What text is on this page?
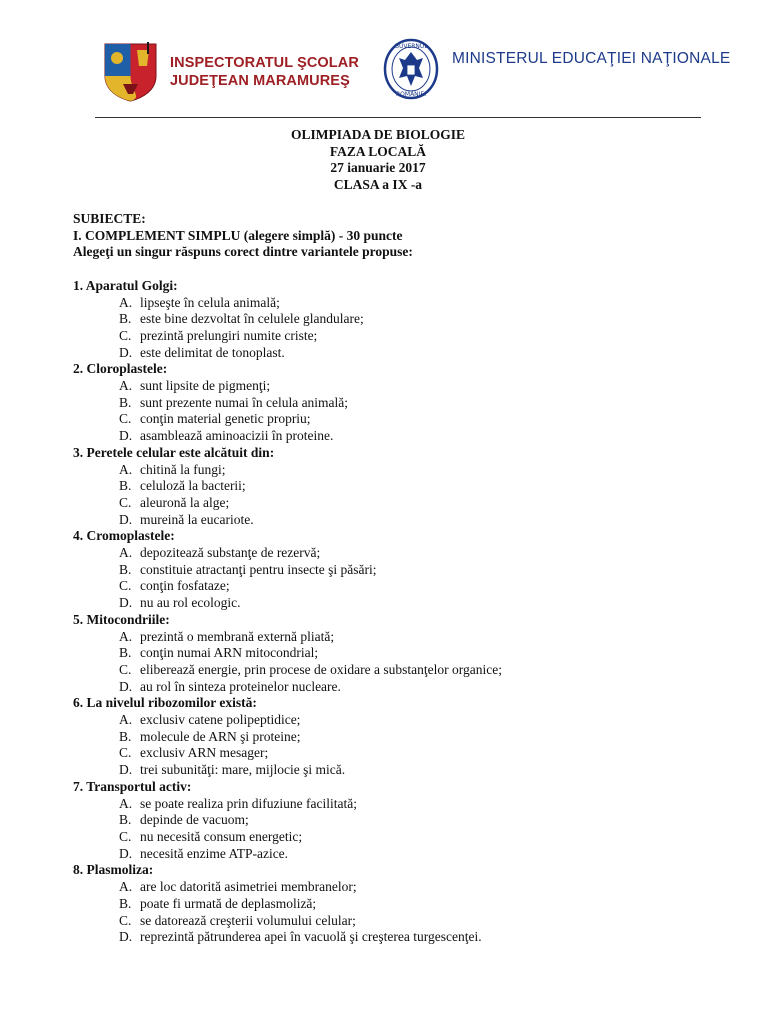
INSPECTORATUL ŞCOLAR
JUDEŢEAN MARAMUREŞ
GUVERNUL
ROMÂNIEI
MINISTERUL EDUCAŢIEI NAŢIONALE
OLIMPIADA DE BIOLOGIE
FAZA LOCALĂ
27 ianuarie 2017
CLASA a IX -a
SUBIECTE:
I. COMPLEMENT SIMPLU (alegere simplă) - 30 puncte
Alegeţi un singur răspuns corect dintre variantele propuse:
1. Aparatul Golgi:
A. lipseşte în celula animală;
B. este bine dezvoltat în celulele glandulare;
C. prezintă prelungiri numite criste;
D. este delimitat de tonoplast.
2. Cloroplastele:
A. sunt lipsite de pigmenţi;
B. sunt prezente numai în celula animală;
C. conţin material genetic propriu;
D. asamblează aminoacizii în proteine.
3. Peretele celular este alcătuit din:
A. chitină la fungi;
B. celuloză la bacterii;
C. aleuronă la alge;
D. mureină la eucariote.
4. Cromoplastele:
A. depozitează substanţe de rezervă;
B. constituie atractanţi pentru insecte şi păsări;
C. conţin fosfataze;
D. nu au rol ecologic.
5. Mitocondriile:
A. prezintă o membrană externă pliată;
B. conţin numai ARN mitocondrial;
C. eliberează energie, prin procese de oxidare a substanţelor organice;
D. au rol în sinteza proteinelor nucleare.
6. La nivelul ribozomilor există:
A. exclusiv catene polipeptidice;
B. molecule de ARN şi proteine;
C. exclusiv ARN mesager;
D. trei subunităţi: mare, mijlocie şi mică.
7. Transportul activ:
A. se poate realiza prin difuziune facilitată;
B. depinde de vacuom;
C. nu necesită consum energetic;
D. necesită enzime ATP-azice.
8. Plasmoliza:
A. are loc datorită asimetriei membranelor;
B. poate fi urmată de deplasmoliză;
C. se datorează creşterii volumului celular;
D. reprezintă pătrunderea apei în vacuolă şi creşterea turgescenţei.
